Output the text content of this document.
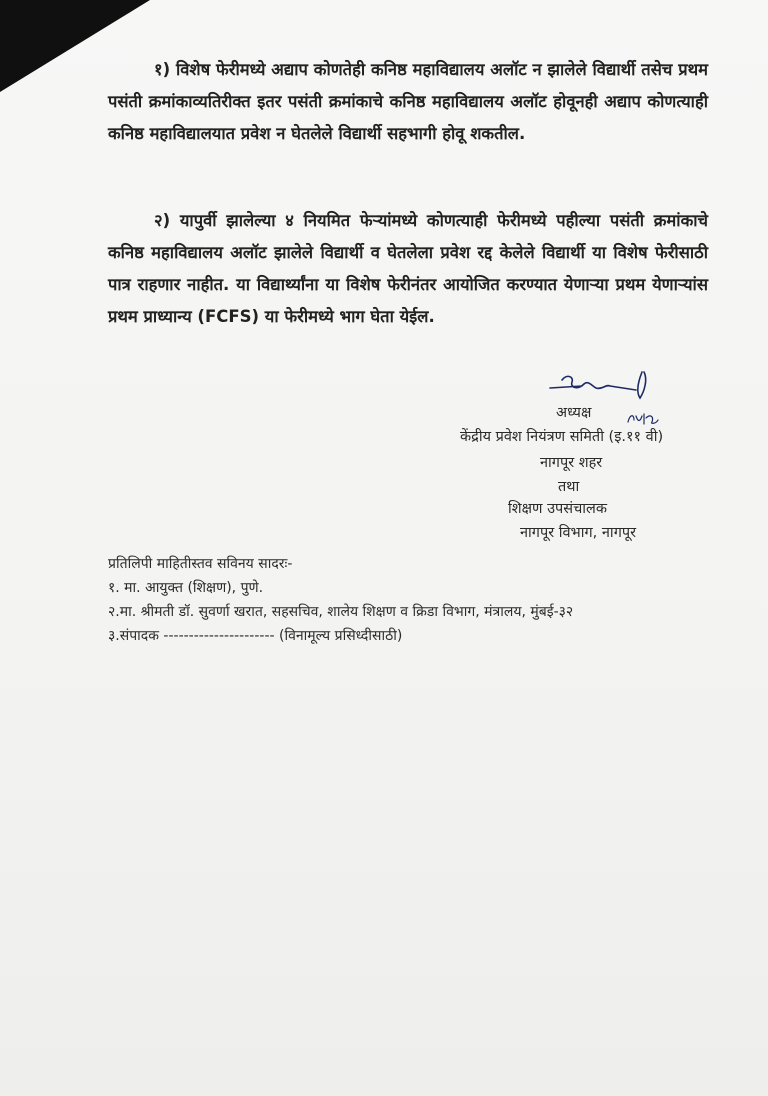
१) विशेष फेरीमध्ये अद्याप कोणतेही कनिष्ठ महाविद्यालय अलॉट न झालेले विद्यार्थी तसेच प्रथम पसंती क्रमांकाव्यतिरीक्त इतर पसंती क्रमांकाचे कनिष्ठ महाविद्यालय अलॉट होवूनही अद्याप कोणत्याही कनिष्ठ महाविद्यालयात प्रवेश न घेतलेले विद्यार्थी सहभागी होवू शकतील.

२) यापुर्वी झालेल्या ४ नियमित फेऱ्यांमध्ये कोणत्याही फेरीमध्ये पहील्या पसंती क्रमांकाचे कनिष्ठ महाविद्यालय अलॉट झालेले विद्यार्थी व घेतलेला प्रवेश रद्द केलेले विद्यार्थी या विशेष फेरीसाठी पात्र राहणार नाहीत. या विद्यार्थ्यांना या विशेष फेरीनंतर आयोजित करण्यात येणाऱ्या प्रथम येणाऱ्यांस प्रथम प्राध्यान्य (FCFS) या फेरीमध्ये भाग घेता येईल.

अध्यक्ष
केंद्रीय प्रवेश नियंत्रण समिती (इ.११ वी)
नागपूर शहर
तथा
शिक्षण उपसंचालक
नागपूर विभाग, नागपूर
प्रतिलिपी माहितीस्तव सविनय सादरः-
१. मा. आयुक्त (शिक्षण), पुणे.
२.मा. श्रीमती डॉ. सुवर्णा खरात, सहसचिव, शालेय शिक्षण व क्रिडा विभाग, मंत्रालय, मुंबई-३२
३.संपादक ---------------------- (विनामूल्य प्रसिध्दीसाठी)
